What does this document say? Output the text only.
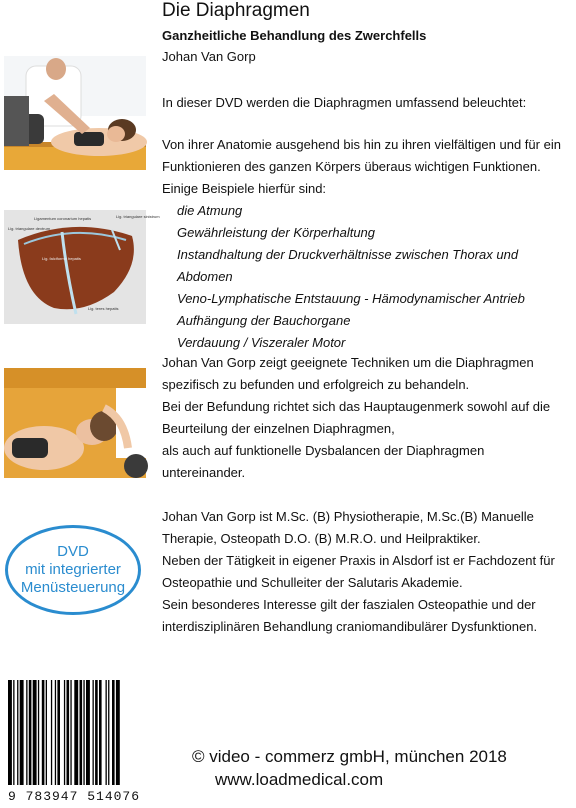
Die Diaphragmen
Ganzheitliche Behandlung des Zwerchfells
Johan Van Gorp
Ligamentum coronarium hepatis	Lig. triangulare sinistrum
Lig. triangulare dextrum
Lig. falciforme hepatis
Lig. teres hepatis
In dieser DVD werden die Diaphragmen umfassend beleuchtet:
Von ihrer Anatomie ausgehend bis hin zu ihren vielfältigen und für ein
Funktionieren des ganzen Körpers überaus wichtigen Funktionen.
Einige Beispiele hierfür sind:
die Atmung
Gewährleistung der Körperhaltung
Instandhaltung der Druckverhältnisse zwischen Thorax und Abdomen
Veno-Lymphatische Entstauung - Hämodynamischer Antrieb
Aufhängung der Bauchorgane
Verdauung / Viszeraler Motor
Johan Van Gorp zeigt geeignete Techniken um die Diaphragmen
spezifisch zu befunden und erfolgreich zu behandeln.
Bei der Befundung richtet sich das Hauptaugenmerk sowohl auf die
Beurteilung der einzelnen Diaphragmen,
als auch auf funktionelle Dysbalancen der Diaphragmen
untereinander.
Johan Van Gorp ist M.Sc. (B) Physiotherapie, M.Sc.(B) Manuelle
Therapie, Osteopath D.O. (B) M.R.O. und Heilpraktiker.
Neben der Tätigkeit in eigener Praxis in Alsdorf ist er Fachdozent für
Osteopathie und Schulleiter der Salutaris Akademie.
Sein besonderes Interesse gilt der faszialen Osteopathie und der
interdisziplinären Behandlung craniomandibulärer Dysfunktionen.
DVD
mit integrierter
Menüsteuerung
9 783947 514076
© video - commerz gmbH, münchen 2018
www.loadmedical.com
